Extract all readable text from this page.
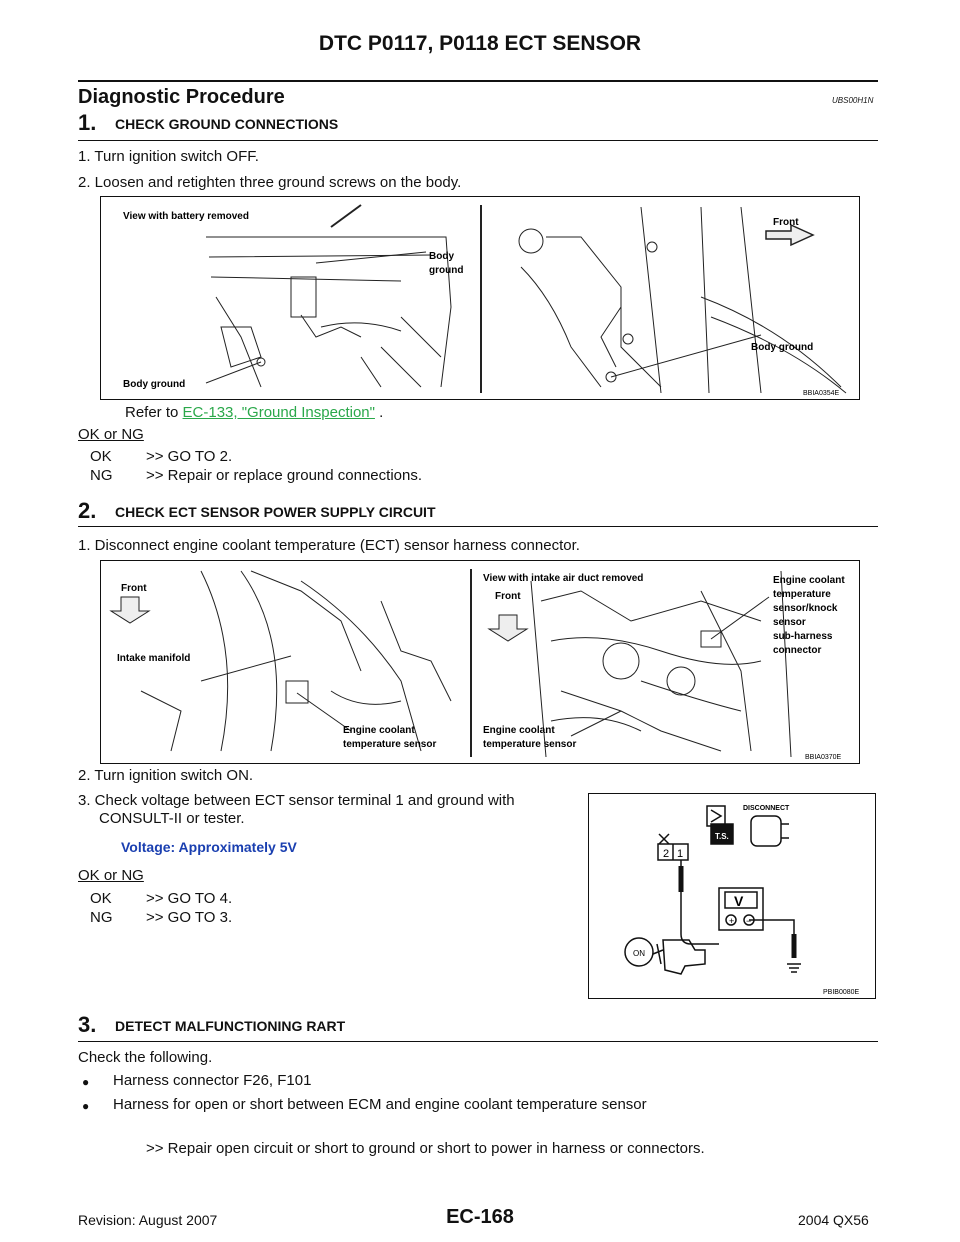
DTC P0117, P0118 ECT SENSOR
Diagnostic Procedure	UBS00H1N
1. CHECK GROUND CONNECTIONS
1. Turn ignition switch OFF.
2. Loosen and retighten three ground screws on the body.
View with battery removed
Body
ground
Body ground
Front
Body ground
BBIA0354E
Refer to EC-133, "Ground Inspection" .
OK or NG
OK >> GO TO 2.
NG >> Repair or replace ground connections.
2. CHECK ECT SENSOR POWER SUPPLY CIRCUIT
1. Disconnect engine coolant temperature (ECT) sensor harness connector.
Front
Intake manifold
Engine coolant
temperature sensor
View with intake air duct removed
Front
Engine coolant
temperature
sensor/knock
sensor
sub-harness
connector
Engine coolant
temperature sensor
BBIA0370E
2. Turn ignition switch ON.
3. Check voltage between ECT sensor terminal 1 and ground with
CONSULT-II or tester.
Voltage: Approximately 5V
OK or NG
OK >> GO TO 4.
NG >> GO TO 3.
DISCONNECT
T.S.
2 1
V
+ −
ON
PBIB0080E
3. DETECT MALFUNCTIONING RART
Check the following.
● Harness connector F26, F101
● Harness for open or short between ECM and engine coolant temperature sensor
>> Repair open circuit or short to ground or short to power in harness or connectors.
Revision: August 2007	EC-168	2004 QX56
